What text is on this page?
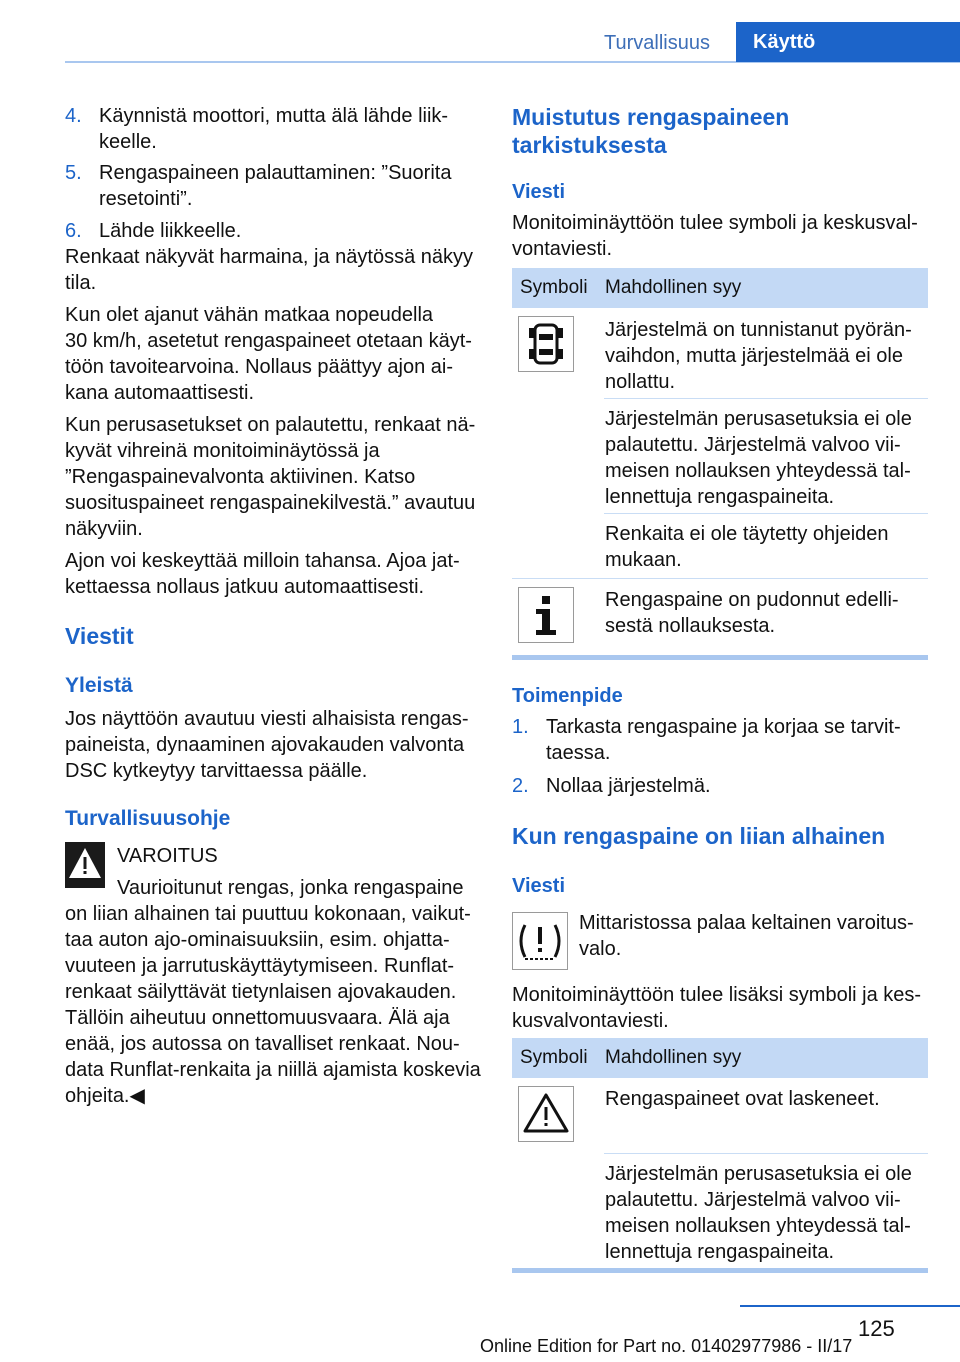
Turvallisuus Käyttö
4. Käynnistä moottori, mutta älä lähde liik-
keelle.
5. Rengaspaineen palauttaminen: ”Suorita
resetointi”.
6. Lähde liikkeelle.
Renkaat näkyvät harmaina, ja näytössä näkyy
tila.
Kun olet ajanut vähän matkaa nopeudella
30 km/h, asetetut rengaspaineet otetaan käyt-
töön tavoitearvoina. Nollaus päättyy ajon ai-
kana automaattisesti.
Kun perusasetukset on palautettu, renkaat nä-
kyvät vihreinä monitoiminäytössä ja
”Rengaspainevalvonta aktiivinen. Katso
suosituspaineet rengaspainekilvestä.” avautuu
näkyviin.
Ajon voi keskeyttää milloin tahansa. Ajoa jat-
kettaessa nollaus jatkuu automaattisesti.
Viestit
Yleistä
Jos näyttöön avautuu viesti alhaisista rengas-
paineista, dynaaminen ajovakauden valvonta
DSC kytkeytyy tarvittaessa päälle.
Turvallisuusohje
VAROITUS
Vaurioitunut rengas, jonka rengaspaine
on liian alhainen tai puuttuu kokonaan, vaikut-
taa auton ajo-ominaisuuksiin, esim. ohjatta-
vuuteen ja jarrutuskäyttäytymiseen. Runflat-
renkaat säilyttävät tietynlaisen ajovakauden.
Tällöin aiheutuu onnettomuusvaara. Älä aja
enää, jos autossa on tavalliset renkaat. Nou-
data Runflat-renkaita ja niillä ajamista koskevia
ohjeita.◀
Muistutus rengaspaineen
tarkistuksesta
Viesti
Monitoiminäyttöön tulee symboli ja keskusval-
vontaviesti.
Symboli Mahdollinen syy
Järjestelmä on tunnistanut pyörän-
vaihdon, mutta järjestelmää ei ole
nollattu.
Järjestelmän perusasetuksia ei ole
palautettu. Järjestelmä valvoo vii-
meisen nollauksen yhteydessä tal-
lennettuja rengaspaineita.
Renkaita ei ole täytetty ohjeiden
mukaan.
Rengaspaine on pudonnut edelli-
sestä nollauksesta.
Toimenpide
1. Tarkasta rengaspaine ja korjaa se tarvit-
taessa.
2. Nollaa järjestelmä.
Kun rengaspaine on liian alhainen
Viesti
Mittaristossa palaa keltainen varoitus-
valo.
Monitoiminäyttöön tulee lisäksi symboli ja kes-
kusvalvontaviesti.
Symboli Mahdollinen syy
Rengaspaineet ovat laskeneet.
Järjestelmän perusasetuksia ei ole
palautettu. Järjestelmä valvoo vii-
meisen nollauksen yhteydessä tal-
lennettuja rengaspaineita.
125
Online Edition for Part no. 01402977986 - II/17
